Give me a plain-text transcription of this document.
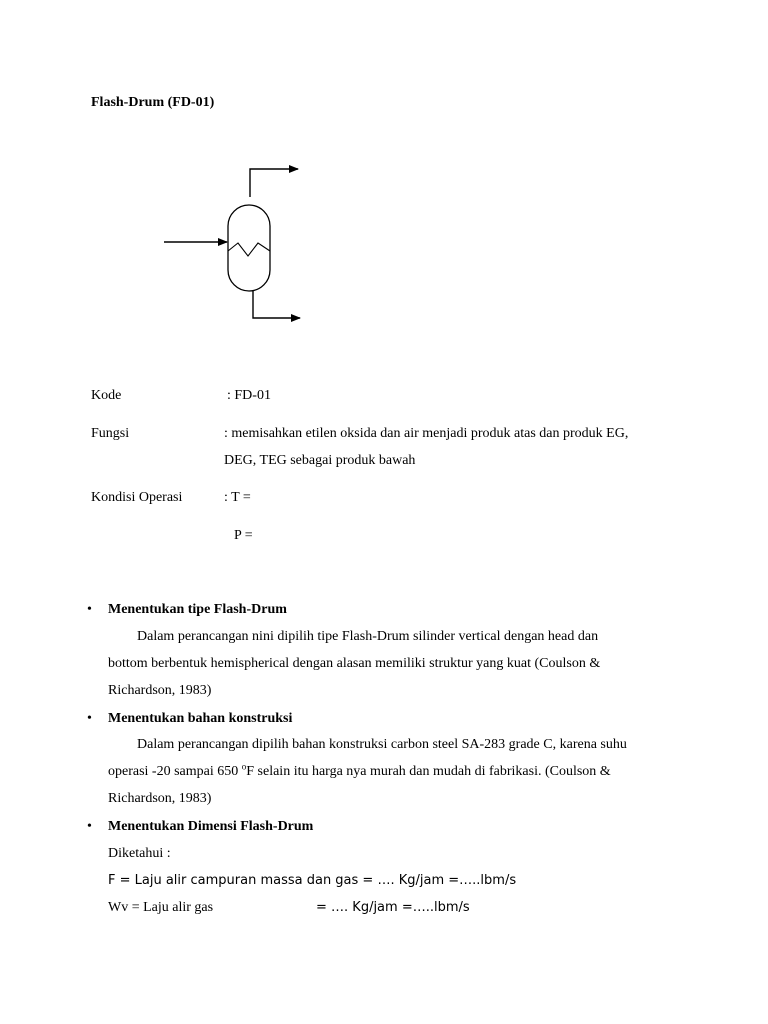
Flash-Drum (FD-01)
Kode	: FD-01
Fungsi	: memisahkan etilen oksida dan air menjadi produk atas dan produk EG,
DEG, TEG sebagai produk bawah
Kondisi Operasi	: T =
P =
• Menentukan tipe Flash-Drum
Dalam perancangan nini dipilih tipe Flash-Drum silinder vertical dengan head dan
bottom berbentuk hemispherical dengan alasan memiliki struktur yang kuat (Coulson &
Richardson, 1983)
• Menentukan bahan konstruksi
Dalam perancangan dipilih bahan konstruksi carbon steel SA-283 grade C, karena suhu
operasi -20 sampai 650 $^o$F selain itu harga nya murah dan mudah di fabrikasi. (Coulson &
Richardson, 1983)
• Menentukan Dimensi Flash-Drum
Diketahui :
F = Laju alir campuran massa dan gas = …. Kg/jam =…..lbm/s
Wv = Laju alir gas	= …. Kg/jam =…..lbm/s
